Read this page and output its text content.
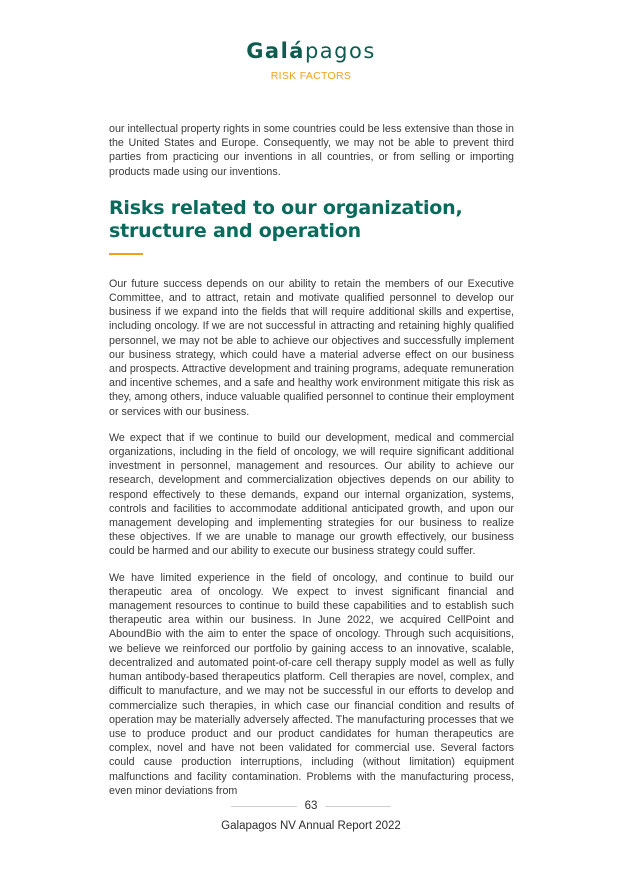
Galápagos
RISK FACTORS

our intellectual property rights in some countries could be less extensive than those in the United States and Europe. Consequently, we may not be able to prevent third parties from practicing our inventions in all countries, or from selling or importing products made using our inventions.

Risks related to our organization, structure and operation

Our future success depends on our ability to retain the members of our Executive Committee, and to attract, retain and motivate qualified personnel to develop our business if we expand into the fields that will require additional skills and expertise, including oncology. If we are not successful in attracting and retaining highly qualified personnel, we may not be able to achieve our objectives and successfully implement our business strategy, which could have a material adverse effect on our business and prospects. Attractive development and training programs, adequate remuneration and incentive schemes, and a safe and healthy work environment mitigate this risk as they, among others, induce valuable qualified personnel to continue their employment or services with our business.

We expect that if we continue to build our development, medical and commercial organizations, including in the field of oncology, we will require significant additional investment in personnel, management and resources. Our ability to achieve our research, development and commercialization objectives depends on our ability to respond effectively to these demands, expand our internal organization, systems, controls and facilities to accommodate additional anticipated growth, and upon our management developing and implementing strategies for our business to realize these objectives. If we are unable to manage our growth effectively, our business could be harmed and our ability to execute our business strategy could suffer.

We have limited experience in the field of oncology, and continue to build our therapeutic area of oncology. We expect to invest significant financial and management resources to continue to build these capabilities and to establish such therapeutic area within our business. In June 2022, we acquired CellPoint and AboundBio with the aim to enter the space of oncology. Through such acquisitions, we believe we reinforced our portfolio by gaining access to an innovative, scalable, decentralized and automated point-of-care cell therapy supply model as well as fully human antibody-based therapeutics platform. Cell therapies are novel, complex, and difficult to manufacture, and we may not be successful in our efforts to develop and commercialize such therapies, in which case our financial condition and results of operation may be materially adversely affected. The manufacturing processes that we use to produce product and our product candidates for human therapeutics are complex, novel and have not been validated for commercial use. Several factors could cause production interruptions, including (without limitation) equipment malfunctions and facility contamination. Problems with the manufacturing process, even minor deviations from

63
Galapagos NV Annual Report 2022
